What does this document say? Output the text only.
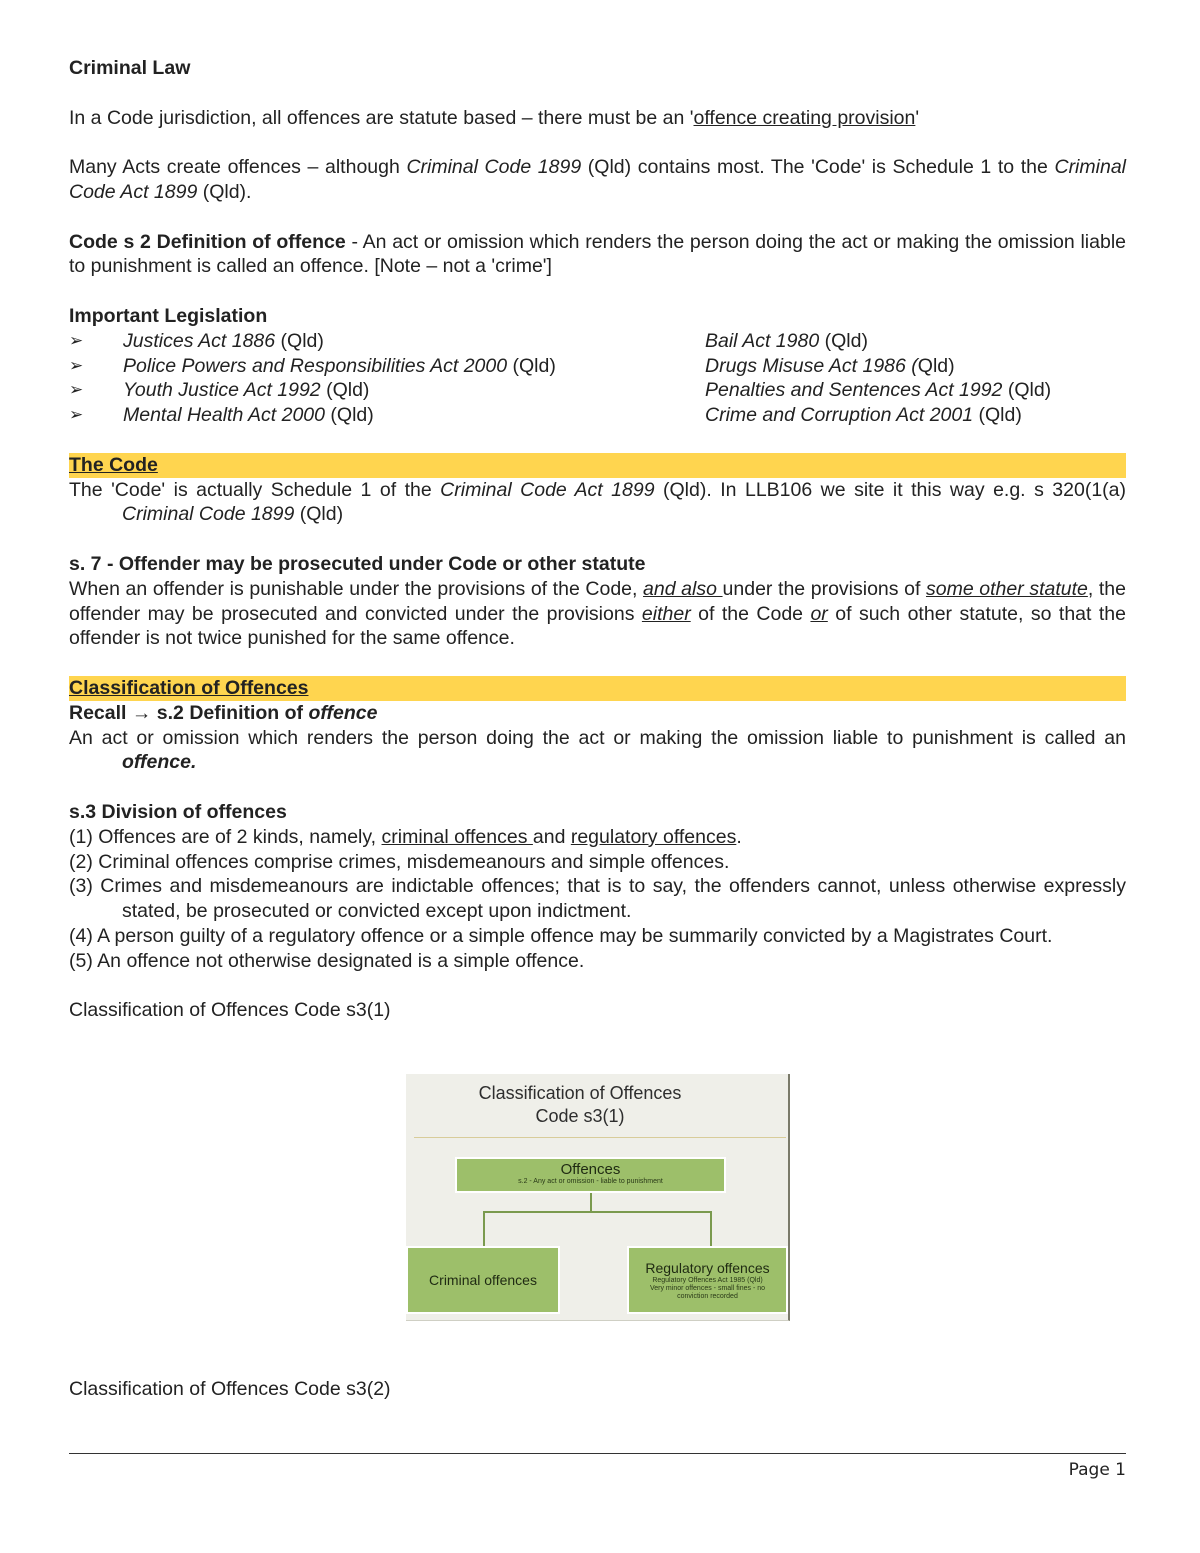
Criminal Law

In a Code jurisdiction, all offences are statute based – there must be an 'offence creating provision'

Many Acts create offences – although Criminal Code 1899 (Qld) contains most. The 'Code' is Schedule 1 to the Criminal Code Act 1899 (Qld).

Code s 2 Definition of offence - An act or omission which renders the person doing the act or making the omission liable to punishment is called an offence. [Note – not a 'crime']

Important Legislation

➢	Justices Act 1886 (Qld)	Bail Act 1980 (Qld)
➢	Police Powers and Responsibilities Act 2000 (Qld)	Drugs Misuse Act 1986 (Qld)
➢	Youth Justice Act 1992 (Qld)	Penalties and Sentences Act 1992 (Qld)
➢	Mental Health Act 2000 (Qld)	Crime and Corruption Act 2001 (Qld)

The Code

The 'Code' is actually Schedule 1 of the Criminal Code Act 1899 (Qld). In LLB106 we site it this way e.g. s 320(1(a) Criminal Code 1899 (Qld)

s. 7 - Offender may be prosecuted under Code or other statute

When an offender is punishable under the provisions of the Code, and also under the provisions of some other statute, the offender may be prosecuted and convicted under the provisions either of the Code or of such other statute, so that the offender is not twice punished for the same offence.

Classification of Offences

Recall → s.2 Definition of offence

An act or omission which renders the person doing the act or making the omission liable to punishment is called an offence.

s.3 Division of offences

(1) Offences are of 2 kinds, namely, criminal offences and regulatory offences.

(2) Criminal offences comprise crimes, misdemeanours and simple offences.

(3) Crimes and misdemeanours are indictable offences; that is to say, the offenders cannot, unless otherwise expressly stated, be prosecuted or convicted except upon indictment.

(4) A person guilty of a regulatory offence or a simple offence may be summarily convicted by a Magistrates Court.

(5) An offence not otherwise designated is a simple offence.

Classification of Offences Code s3(1)

Classification of Offences
Code s3(1)
Offences
s.2 - Any act or omission - liable to punishment
Criminal offences
Regulatory offences
Regulatory Offences Act 1985 (Qld)
Very minor offences - small fines - no
conviction recorded

Classification of Offences Code s3(2)

Page 1
